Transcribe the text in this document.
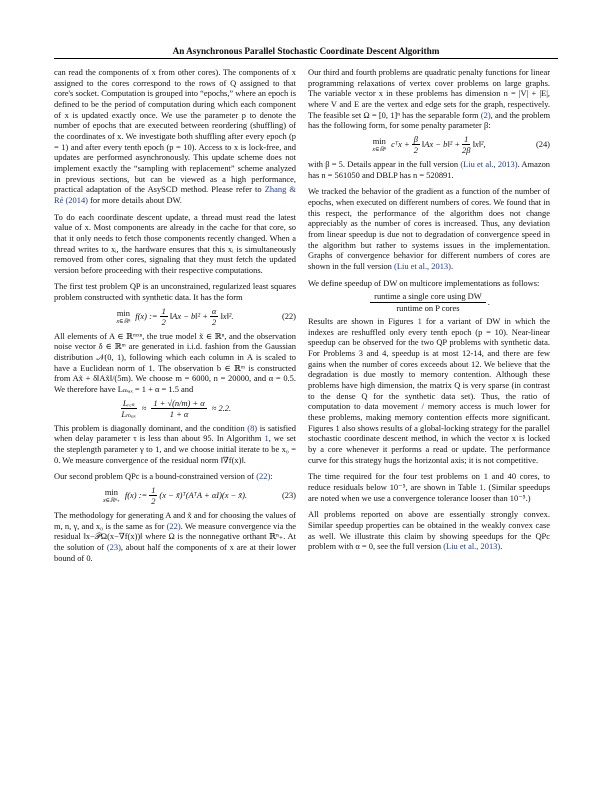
An Asynchronous Parallel Stochastic Coordinate Descent Algorithm

can read the components of x from other cores). The components of x assigned to the cores correspond to the rows of Q assigned to that core's socket. Computation is grouped into “epochs,” where an epoch is defined to be the period of computation during which each component of x is updated exactly once. We use the parameter p to denote the number of epochs that are executed between reordering (shuffling) of the coordinates of x. We investigate both shuffling after every epoch (p = 1) and after every tenth epoch (p = 10). Access to x is lock-free, and updates are performed asynchronously. This update scheme does not implement exactly the “sampling with replacement” scheme analyzed in previous sections, but can be viewed as a high performance, practical adaptation of the AsySCD method. Please refer to Zhang & Ré (2014) for more details about DW.

To do each coordinate descent update, a thread must read the latest value of x. Most components are already in the cache for that core, so that it only needs to fetch those components recently changed. When a thread writes to xᵢ, the hardware ensures that this xᵢ is simultaneously removed from other cores, signaling that they must fetch the updated version before proceeding with their respective computations.

The first test problem QP is an unconstrained, regularized least squares problem constructed with synthetic data. It has the form

min
x∈ℝⁿ
f(x) := $\frac{1}{2}$ ‖Ax − b‖² + $\frac{\alpha}{2}$ ‖x‖².	(22)

All elements of A ∈ ℝᵐˣⁿ, the true model x̃ ∈ ℝⁿ, and the observation noise vector δ ∈ ℝᵐ are generated in i.i.d. fashion from the Gaussian distribution 𝒩(0, 1), following which each column in A is scaled to have a Euclidean norm of 1. The observation b ∈ ℝᵐ is constructed from Ax̃ + δ‖Ax̃‖/(5m). We choose m = 6000, n = 20000, and α = 0.5. We therefore have Lₘₐₓ = 1 + α = 1.5 and

$\frac{\text{Lᵣₑₛ}}{\text{Lₘₐₓ}} \approx \frac{1 + √(n/m) + \alpha}{1 + \alpha} \approx 2.2$.

This problem is diagonally dominant, and the condition (8) is satisfied when delay parameter τ is less than about 95. In Algorithm 1, we set the steplength parameter γ to 1, and we choose initial iterate to be x₀ = 0. We measure convergence of the residual norm ‖∇f(x)‖.

Our second problem QPc is a bound-constrained version of (22):

min
x∈ℝⁿ₊
f(x) := $\frac{1}{2} (x$ − x̃)ᵀ(AᵀA + αI)(x − x̃).	(23)

The methodology for generating A and x̃ and for choosing the values of m, n, γ, and x₀ is the same as for (22). We measure convergence via the residual ‖x−𝒫Ω(x−∇f(x))‖ where Ω is the nonnegative orthant ℝⁿ₊. At the solution of (23), about half the components of x are at their lower bound of 0.

Our third and fourth problems are quadratic penalty functions for linear programming relaxations of vertex cover problems on large graphs. The variable vector x in these problems has dimension n = |V| + |E|, where V and E are the vertex and edge sets for the graph, respectively. The feasible set Ω = [0, 1]ⁿ has the separable form (2), and the problem has the following form, for some penalty parameter β:

min
x∈ℝⁿ
cᵀx + $\frac{\beta}{2}$ ‖Ax − b‖² + $\frac{1}{2\beta}$ ‖x‖²,	(24)

with β = 5. Details appear in the full version (Liu et al., 2013). Amazon has n = 561050 and DBLP has n = 520891.

We tracked the behavior of the gradient as a function of the number of epochs, when executed on different numbers of cores. We found that in this respect, the performance of the algorithm does not change appreciably as the number of cores is increased. Thus, any deviation from linear speedup is due not to degradation of convergence speed in the algorithm but rather to systems issues in the implementation. Graphs of convergence behavior for different numbers of cores are shown in the full version (Liu et al., 2013).

We define speedup of DW on multicore implementations as follows:

$\frac{\text{runtime a single core using DW}}{\text{runtime on P cores}}$ .

Results are shown in Figures 1 for a variant of DW in which the indexes are reshuffled only every tenth epoch (p = 10). Near-linear speedup can be observed for the two QP problems with synthetic data. For Problems 3 and 4, speedup is at most 12-14, and there are few gains when the number of cores exceeds about 12. We believe that the degradation is due mostly to memory contention. Although these problems have high dimension, the matrix Q is very sparse (in contrast to the dense Q for the synthetic data set). Thus, the ratio of computation to data movement / memory access is much lower for these problems, making memory contention effects more significant. Figures 1 also shows results of a global-locking strategy for the parallel stochastic coordinate descent method, in which the vector x is locked by a core whenever it performs a read or update. The performance curve for this strategy hugs the horizontal axis; it is not competitive.

The time required for the four test problems on 1 and 40 cores, to reduce residuals below 10⁻⁵, are shown in Table 1. (Similar speedups are noted when we use a convergence tolerance looser than 10⁻⁵.)

All problems reported on above are essentially strongly convex. Similar speedup properties can be obtained in the weakly convex case as well. We illustrate this claim by showing speedups for the QPc problem with α = 0, see the full version (Liu et al., 2013).
